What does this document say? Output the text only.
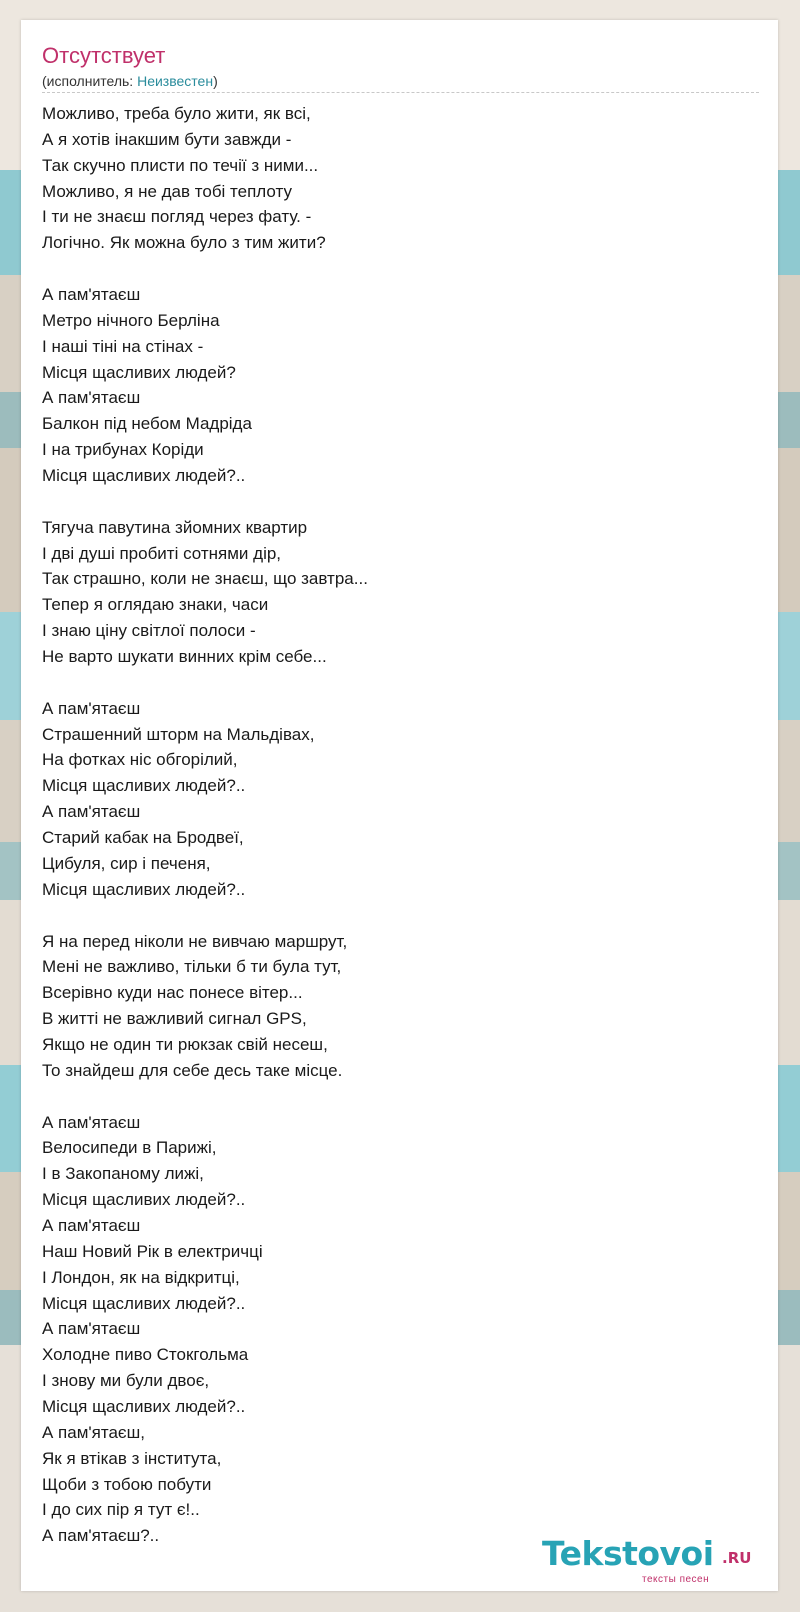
Отсутствует
(исполнитель: Неизвестен)
Можливо, треба було жити, як всі,
А я хотів інакшим бути завжди -
Так скучно плисти по течії з ними...
Можливо, я не дав тобі теплоту
І ти не знаєш погляд через фату. -
Логічно. Як можна було з тим жити?
А пам'ятаєш
Метро нічного Берліна
І наші тіні на стінах -
Місця щасливих людей?
А пам'ятаєш
Балкон під небом Мадріда
І на трибунах Коріди
Місця щасливих людей?..
Тягуча павутина зйомних квартир
І дві душі пробиті сотнями дір,
Так страшно, коли не знаєш, що завтра...
Тепер я оглядаю знаки, часи
І знаю ціну світлої полоси -
Не варто шукати винних крім себе...
А пам'ятаєш
Страшенний шторм на Мальдівах,
На фотках ніс обгорілий,
Місця щасливих людей?..
А пам'ятаєш
Старий кабак на Бродвеї,
Цибуля, сир і печеня,
Місця щасливих людей?..
Я на перед ніколи не вивчаю маршрут,
Мені не важливо, тільки б ти була тут,
Всерівно куди нас понесе вітер...
В житті не важливий сигнал GPS,
Якщо не один ти рюкзак свій несеш,
То знайдеш для себе десь таке місце.
А пам'ятаєш
Велосипеди в Парижі,
І в Закопаному лижі,
Місця щасливих людей?..
А пам'ятаєш
Наш Новий Рік в електричці
І Лондон, як на відкритці,
Місця щасливих людей?..
А пам'ятаєш
Холодне пиво Стокгольма
І знову ми були двоє,
Місця щасливих людей?..
А пам'ятаєш,
Як я втікав з інститута,
Щоби з тобою побути
І до сих пір я тут є!..
А пам'ятаєш?..	Tekstovoi .RU
тексты песен
